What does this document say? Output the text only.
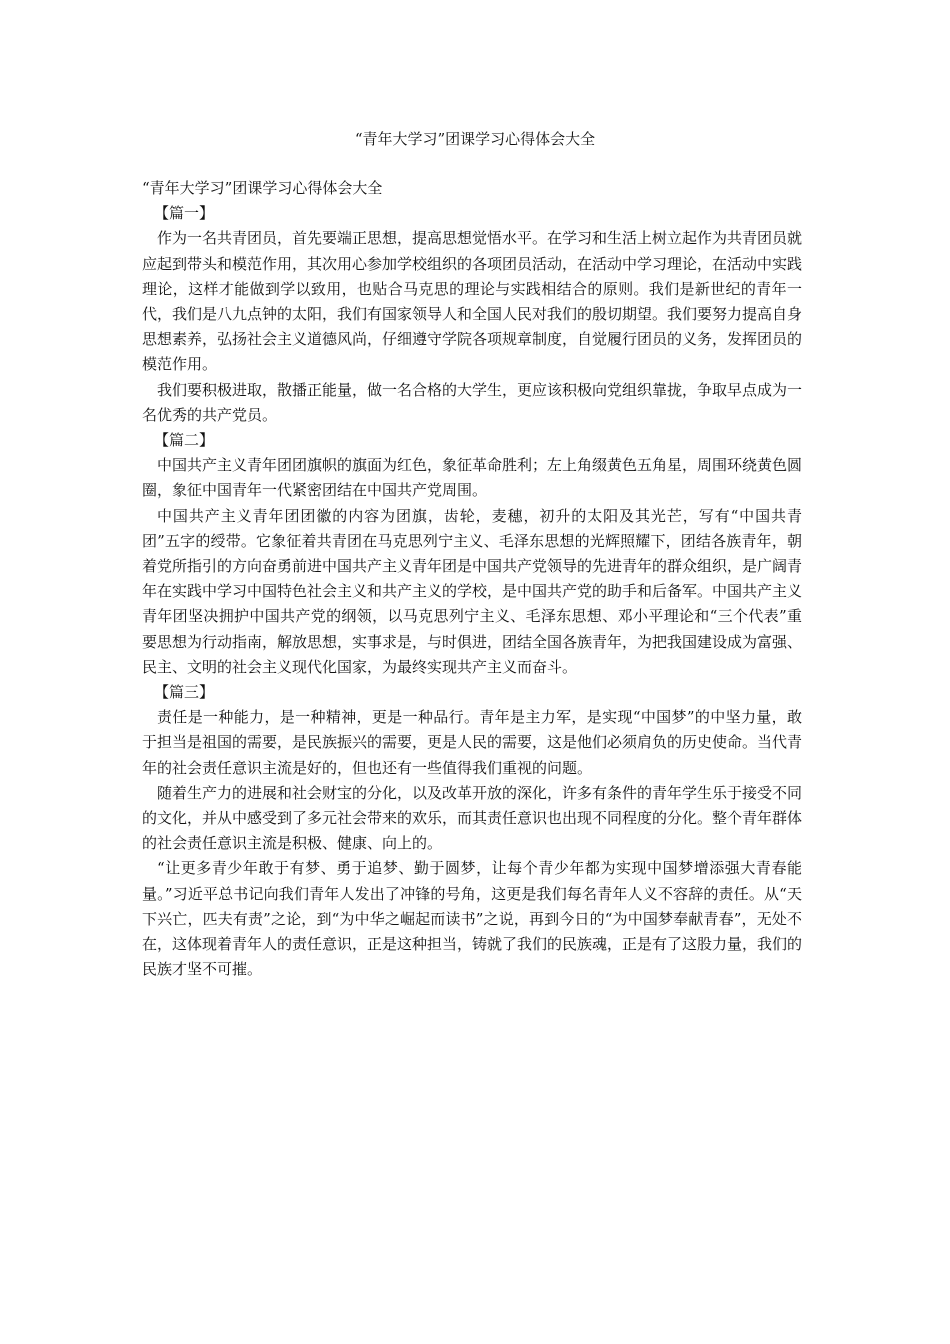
“青年大学习”团课学习心得体会大全

“青年大学习”团课学习心得体会大全

【篇一】

作为一名共青团员，首先要端正思想，提高思想觉悟水平。在学习和生活上树立起作为共青团员就应起到带头和模范作用，其次用心参加学校组织的各项团员活动，在活动中学习理论，在活动中实践理论，这样才能做到学以致用，也贴合马克思的理论与实践相结合的原则。我们是新世纪的青年一代，我们是八九点钟的太阳，我们有国家领导人和全国人民对我们的殷切期望。我们要努力提高自身思想素养，弘扬社会主义道德风尚，仔细遵守学院各项规章制度，自觉履行团员的义务，发挥团员的模范作用。

我们要积极进取，散播正能量，做一名合格的大学生，更应该积极向党组织靠拢，争取早点成为一名优秀的共产党员。

【篇二】

中国共产主义青年团团旗帜的旗面为红色，象征革命胜利；左上角缀黄色五角星，周围环绕黄色圆圈，象征中国青年一代紧密团结在中国共产党周围。

中国共产主义青年团团徽的内容为团旗，齿轮，麦穗，初升的太阳及其光芒，写有“中国共青团”五字的绶带。它象征着共青团在马克思列宁主义、毛泽东思想的光辉照耀下，团结各族青年，朝着党所指引的方向奋勇前进中国共产主义青年团是中国共产党领导的先进青年的群众组织，是广阔青年在实践中学习中国特色社会主义和共产主义的学校，是中国共产党的助手和后备军。中国共产主义青年团坚决拥护中国共产党的纲领，以马克思列宁主义、毛泽东思想、邓小平理论和“三个代表”重要思想为行动指南，解放思想，实事求是，与时俱进，团结全国各族青年，为把我国建设成为富强、民主、文明的社会主义现代化国家，为最终实现共产主义而奋斗。

【篇三】

责任是一种能力，是一种精神，更是一种品行。青年是主力军，是实现“中国梦”的中坚力量，敢于担当是祖国的需要，是民族振兴的需要，更是人民的需要，这是他们必须肩负的历史使命。当代青年的社会责任意识主流是好的，但也还有一些值得我们重视的问题。

随着生产力的进展和社会财宝的分化，以及改革开放的深化，许多有条件的青年学生乐于接受不同的文化，并从中感受到了多元社会带来的欢乐，而其责任意识也出现不同程度的分化。整个青年群体的社会责任意识主流是积极、健康、向上的。

“让更多青少年敢于有梦、勇于追梦、勤于圆梦，让每个青少年都为实现中国梦增添强大青春能量。”习近平总书记向我们青年人发出了冲锋的号角，这更是我们每名青年人义不容辞的责任。从“天下兴亡，匹夫有责”之论，到“为中华之崛起而读书”之说，再到今日的“为中国梦奉献青春”，无处不在，这体现着青年人的责任意识，正是这种担当，铸就了我们的民族魂，正是有了这股力量，我们的民族才坚不可摧。
